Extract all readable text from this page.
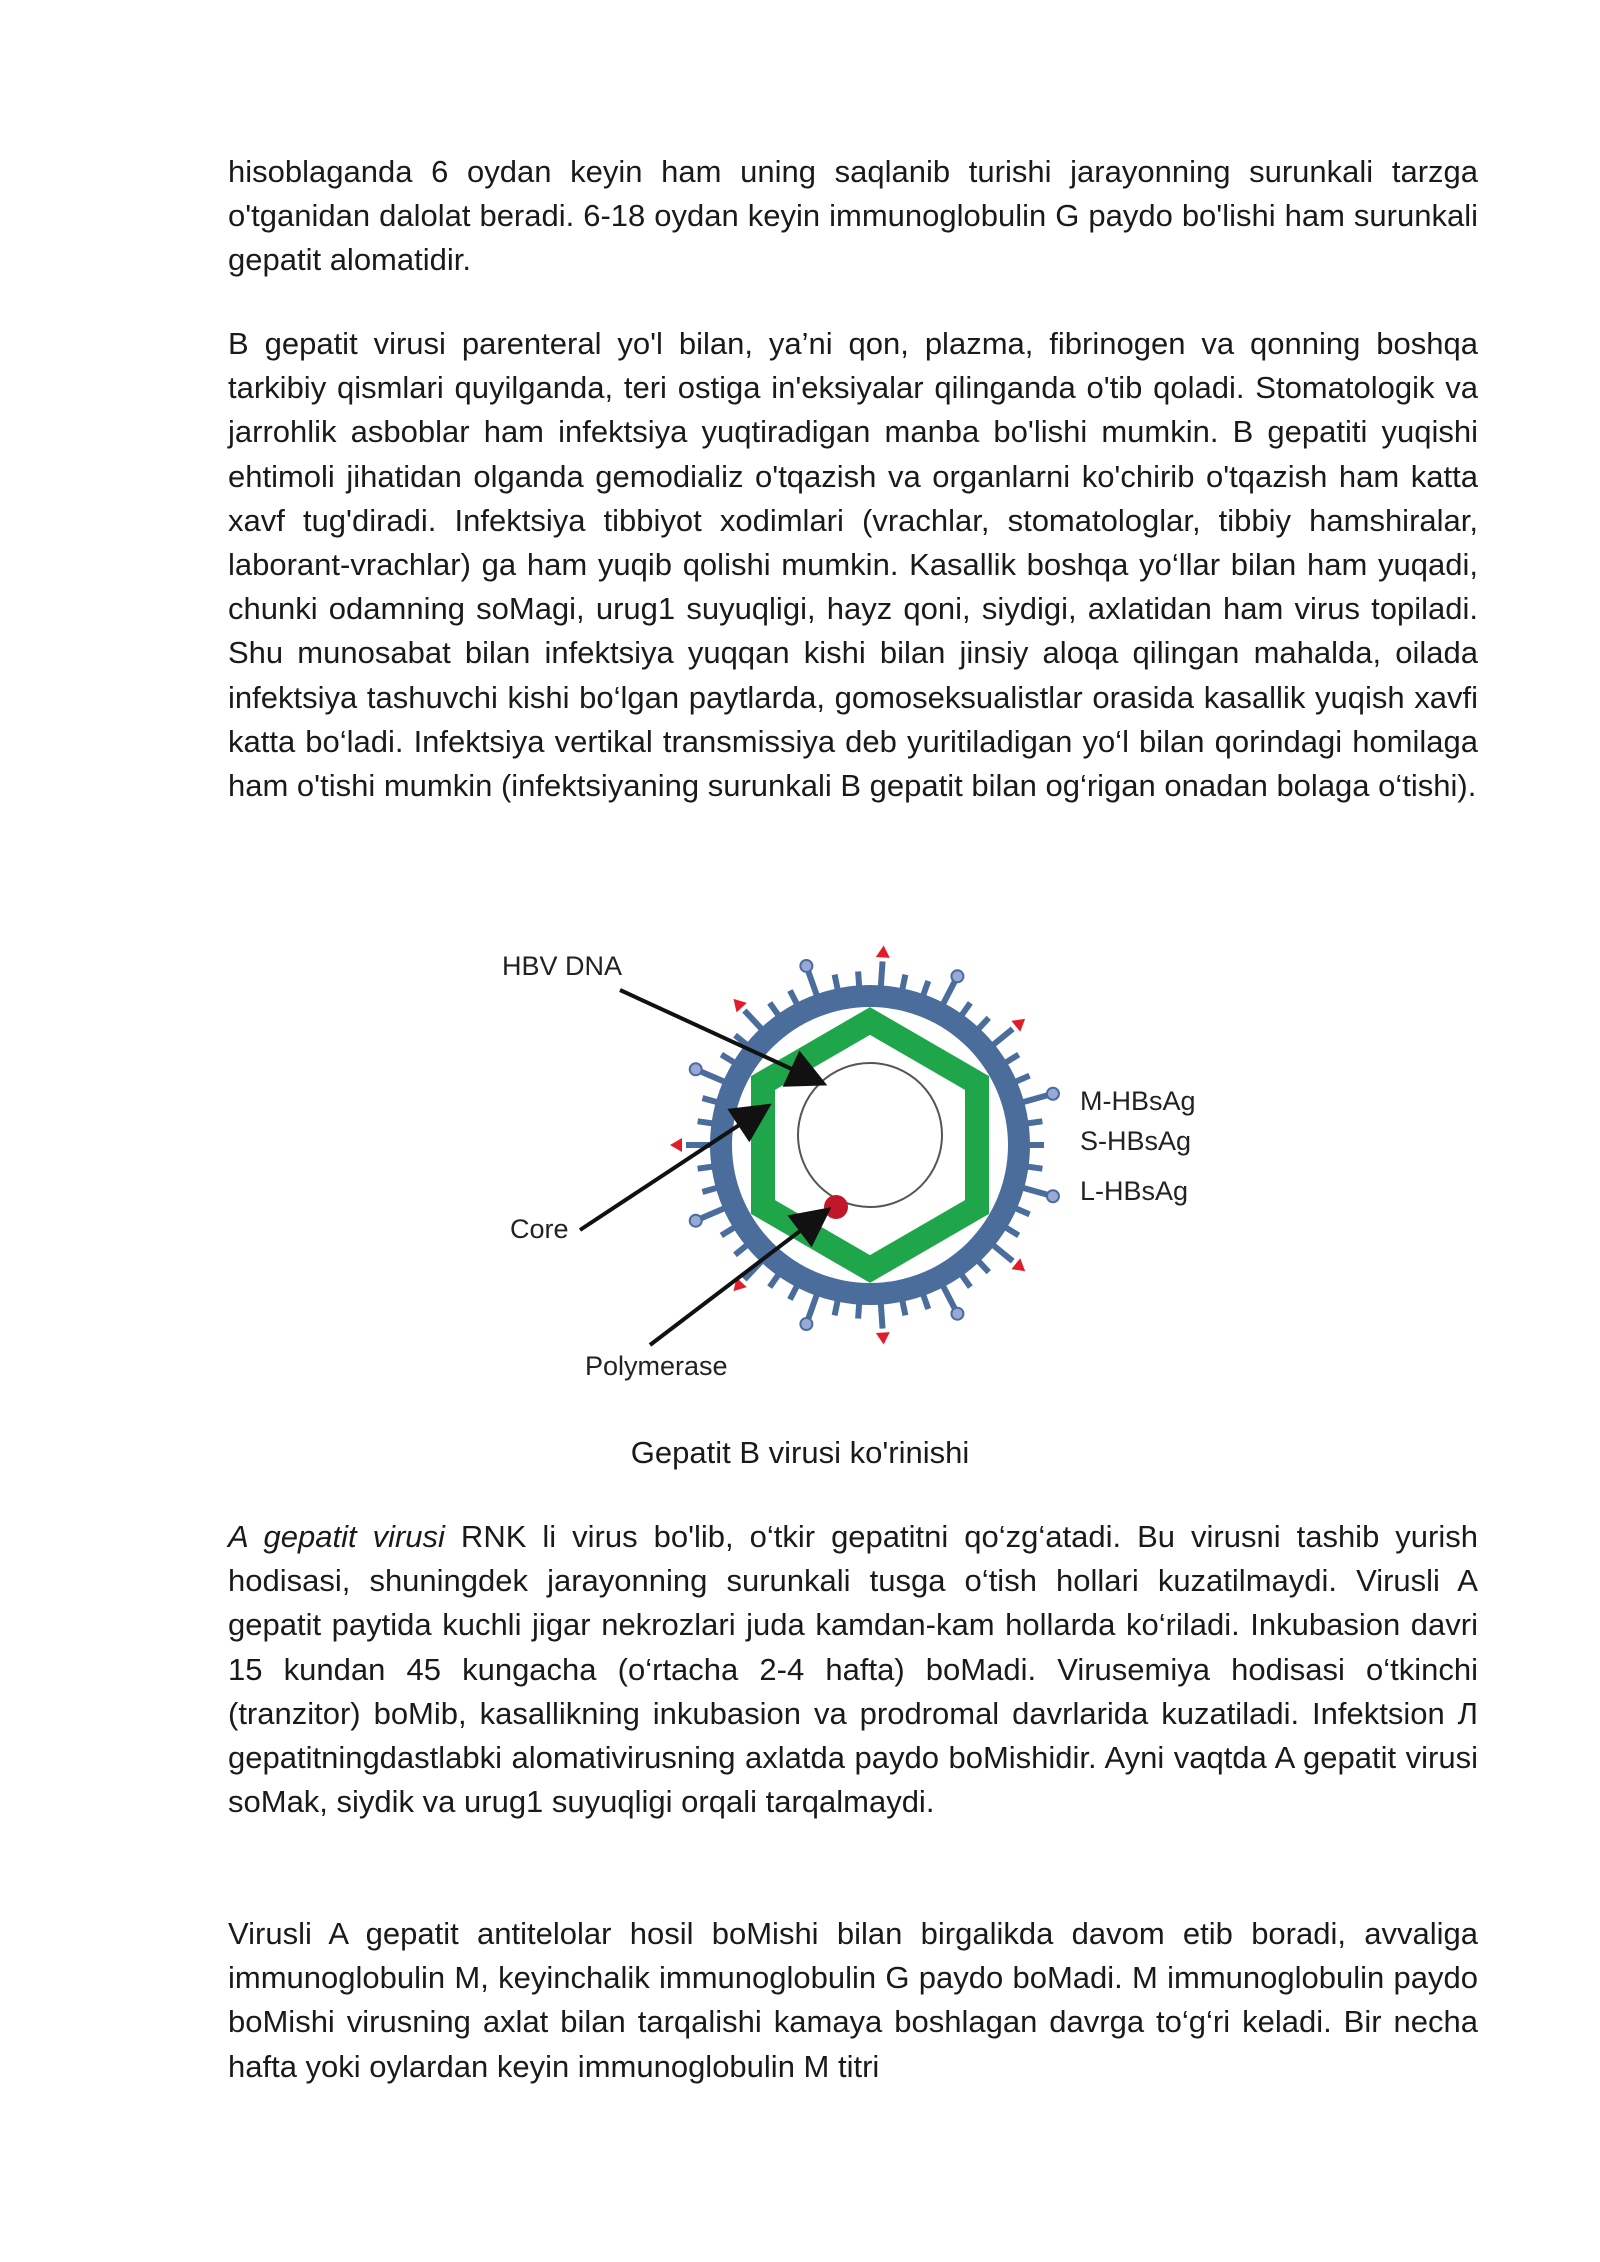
hisoblaganda 6 oydan keyin ham uning saqlanib turishi jarayonning surunkali tarzga o'tganidan dalolat beradi. 6-18 oydan keyin immunoglobulin G paydo bo'lishi ham surunkali gepatit alomatidir.

B gepatit virusi parenteral yo'l bilan, ya’ni qon, plazma, fibrinogen va qonning boshqa tarkibiy qismlari quyilganda, teri ostiga in'eksiyalar qilinganda o'tib qoladi. Stomatologik va jarrohlik asboblar ham infektsiya yuqtiradigan manba bo'lishi mumkin. B gepatiti yuqishi ehtimoli jihatidan olganda gemodializ o'tqazish va organlarni ko'chirib o'tqazish ham katta xavf tug'diradi. Infektsiya tibbiyot xodimlari (vrachlar, stomatologlar, tibbiy hamshiralar, laborant-vrachlar) ga ham yuqib qolishi mumkin. Kasallik boshqa yo‘llar bilan ham yuqadi, chunki odamning soMagi, urug1 suyuqligi, hayz qoni, siydigi, axlatidan ham virus topiladi. Shu munosabat bilan infektsiya yuqqan kishi bilan jinsiy aloqa qilingan mahalda, oilada infektsiya tashuvchi kishi bo‘lgan paytlarda, gomoseksualistlar orasida kasallik yuqish xavfi katta bo‘ladi. Infektsiya vertikal transmissiya deb yuritiladigan yo‘l bilan qorindagi homilaga ham o'tishi mumkin (infektsiyaning surunkali B gepatit bilan og‘rigan onadan bolaga o‘tishi).

HBV DNA
Core
Polymerase
M-HBsAg
S-HBsAg
L-HBsAg

Gepatit B virusi ko'rinishi

A gepatit virusi RNK li virus bo'lib, o‘tkir gepatitni qo‘zg‘atadi. Bu virusni tashib yurish hodisasi, shuningdek jarayonning surunkali tusga o‘tish hollari kuzatilmaydi. Virusli A gepatit paytida kuchli jigar nekrozlari juda kamdan-kam hollarda ko‘riladi. Inkubasion davri 15 kundan 45 kungacha (o‘rtacha 2-4 hafta) boMadi. Virusemiya hodisasi o‘tkinchi (tranzitor) boMib, kasallikning inkubasion va prodromal davrlarida kuzatiladi. Infektsion Л gepatitningdastlabki alomativirusning axlatda paydo boMishidir. Ayni vaqtda A gepatit virusi soMak, siydik va urug1 suyuqligi orqali tarqalmaydi.

Virusli A gepatit antitelolar hosil boMishi bilan birgalikda davom etib boradi, avvaliga immunoglobulin M, keyinchalik immunoglobulin G paydo boMadi. M immunoglobulin paydo boMishi virusning axlat bilan tarqalishi kamaya boshlagan davrga to‘g‘ri keladi. Bir necha hafta yoki oylardan keyin immunoglobulin M titri
